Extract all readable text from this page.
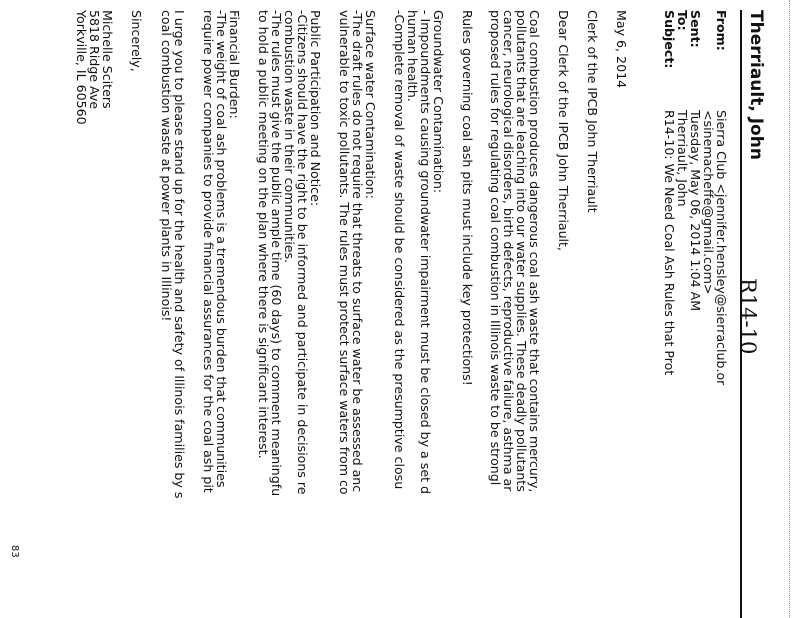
R14-10
Therriault, John
From:
Sierra Club <jennifer.hensley@sierraclub.or
<sinemacheffe@gmail.com>
Sent:
Tuesday, May 06, 2014 1:04 AM
To:
Therriault, John
Subject:
R14-10: We Need Coal Ash Rules that Prot
May 6, 2014
Clerk of the IPCB John Therriault
Dear Clerk of the IPCB John Therriault,
Coal combustion produces dangerous coal ash waste that contains mercury,
pollutants that are leaching into our water supplies. These deadly pollutants
cancer, neurological disorders, birth defects, reproductive failure, asthma ar
proposed rules for regulating coal combustion in Illinois waste to be strongl
Rules governing coal ash pits must include key protections!
Groundwater Contamination:
- Impoundments causing groundwater impairment must be closed by a set d
human health.
-Complete removal of waste should be considered as the presumptive closu
Surface water Contamination:
-The draft rules do not require that threats to surface water be assessed anc
vulnerable to toxic pollutants. The rules must protect surface waters from co
Public Participation and Notice:
-Citizens should have the right to be informed and participate in decisions re
combustion waste in their communities.
-The rules must give the public ample time (60 days) to comment meaningfu
to hold a public meeting on the plan where there is significant interest.
Financial Burden:
-The weight of coal ash problems is a tremendous burden that communities
require power companies to provide financial assurances for the coal ash pit
I urge you to please stand up for the health and safety of Illinois families by s
coal combustion waste at power plants in Illinois!
Sincerely,
Michelle Sciters
5818 Ridge Ave
Yorkville, IL 60560
83
